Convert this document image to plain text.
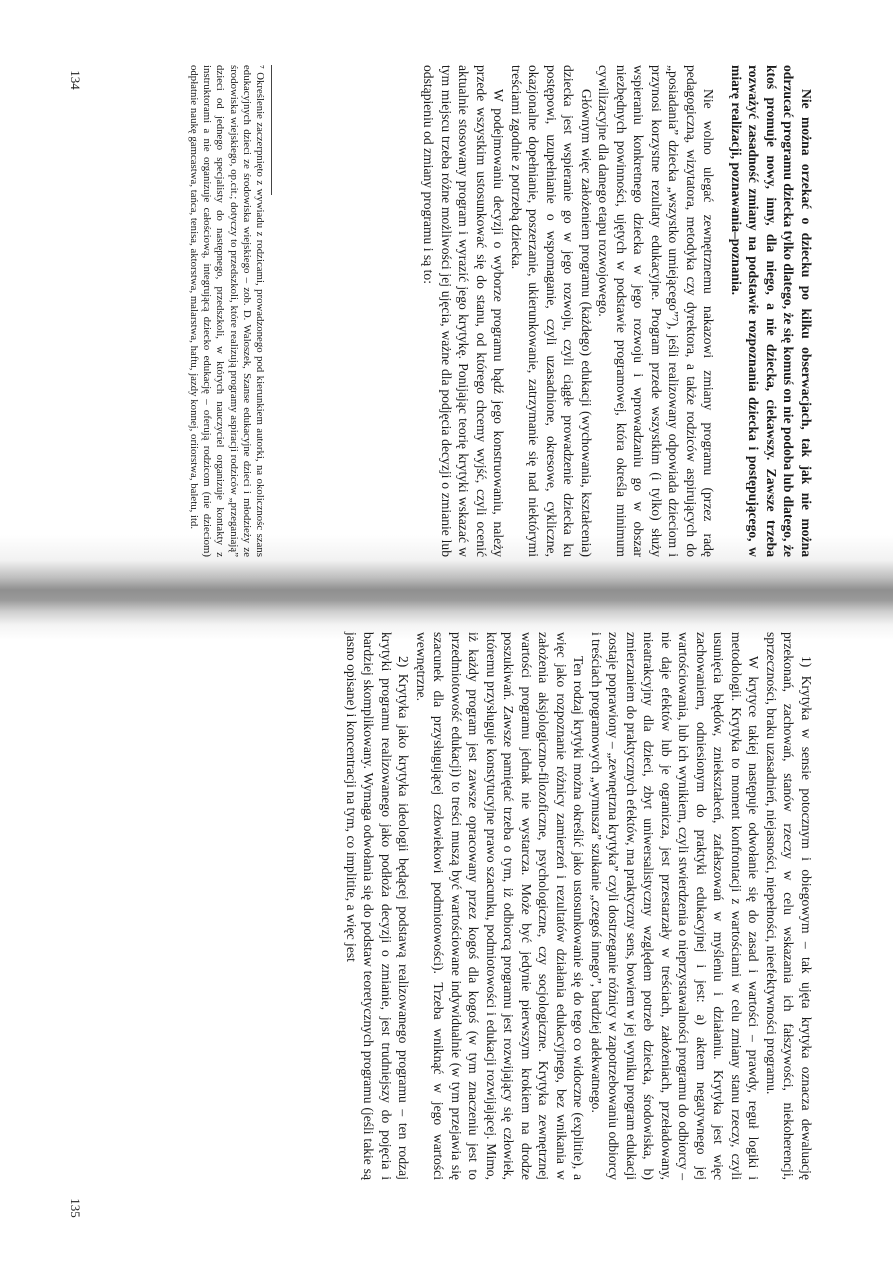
Nie można orzekać o dziecku po kilku obserwacjach, tak jak nie można odrzucać programu dziecka tylko dlatego, że się komuś on nie podoba lub dlatego, że ktoś promuje nowy, inny, dla niego, a nie dziecka, ciekawszy. Zawsze trzeba rozważyć zasadność zmiany na podstawie rozpoznania dziecka i postępującego, w miarę realizacji, poznawania–poznania.

Nie wolno ulegać zewnętrznemu nakazowi zmiany programu (przez radę pedagogiczną, wizytatora, metodyka czy dyrektora, a także rodziców aspirujących do „posiadania” dziecka „wszystko umiejącego”⁷), jeśli realizowany odpowiada dzieciom i przynosi korzystne rezultaty edukacyjne. Program przede wszystkim (i tylko) służy wspieraniu konkretnego dziecka w jego rozwoju i wprowadzaniu go w obszar niezbędnych powinności, ujętych w podstawie programowej, która określa minimum cywilizacyjne dla danego etapu rozwojowego.

Głównym więc założeniem programu (każdego) edukacji (wychowania, kształcenia) dziecka jest wspieranie go w jego rozwoju, czyli ciągłe prowadzenie dziecka ku postępowi, uzupełnianie o wspomaganie, czyli uzasadnione, okresowe, cykliczne, okazjonalne dopełnianie, poszerzanie, ukierunkowanie, zatrzymanie się nad niektórymi treściami zgodnie z potrzebą dziecka.

W podejmowaniu decyzji o wyborze programu bądź jego konstruowaniu, należy przede wszystkim ustosunkować się do stanu, od którego chcemy wyjść, czyli ocenić aktualnie stosowany program i wyrazić jego krytykę. Ponijając teorię krytyki wskazać w tym miejscu trzeba różne możliwości jej ujęcia, ważne dla podjęcia decyzji o zmianie lub odstąpieniu od zmiany programu i są to:

⁷ Określenie zaczerpnięto z wywiadu z rodzicami, prowadzonego pod kierunkiem autorki, na okolicznośc szans edukacyjnych dzieci ze środowiska wiejskiego – zob. D. Waloszek, Szanse edukacyjne dzieci i młodzieży ze środowiska wiejskiego, op.cit.; dotyczy to przedszkoli, które realizują programy aspiracji rodziców „przeganiają” dzieci od jednego specjalisty do następnego, przedszkoli, w których nauczyciel organizuje kontakty z instruktorami a nie organizuje całościową, integrującą dziecko edukację – oferują rodzicom (nie dzieciom) odpłatnie naukę gamcastwa, tańca, tenisa, aktorstwa, malarstwa, haftu, jazdy konnej, oriiorstwa, baletu, itd.

1) Krytyka w sensie potocznym i obiegowym – tak ujęta krytyka oznacza dewaluację przekonań, zachowań, stanów rzeczy w celu wskazania ich fałszywości, niekoherencji, sprzeczności, braku uzasadnień, niejasności, niepełności, nieefektywności programu.

W krytyce takiej następuje odwołanie się do zasad i wartości – prawdy, reguł logiki i metodologii. Krytyka to moment konfrontacji z wartościami w celu zmiany stanu rzeczy, czyli usunięcia błędów, zniekształceń, zafałszowań w myśleniu i działaniu. Krytyka jest więc zachowaniem, odniesionym do praktyki edukacyjnej i jest: a) aktem negatywnego jej wartościowania, lub ich wynikiem, czyli stwierdzenia o nieprzystawalności programu do odbiorcy – nie daje efektów lub je ogranicza, jest przestarzały w treściach, założeniach, przeładowany, nieatrakcyjny dla dzieci, zbyt uniwersalistyczny względem potrzeb dziecka, środowiska, b) zmierzaniem do praktycznych efektów, ma praktyczny sens, bowiem w jej wyniku program edukacji zostaje poprawiony – „zewnętrzna krytyka” czyli dostrzeganie różnicy w zapotrzebowaniu odbiorcy i treściach programowych „wymusza” szukanie „czegoś innego”, bardziej adekwatnego.

Ten rodzaj krytyki można określić jako ustosunkowanie się do tego co widoczne (explitite), a więc jako rozpoznanie różnicy zamierzeń i rezultatów działania edukacyjnego, bez wnikania w założenia aksjologiczno-filozoficzne, psychologiczne, czy socjologiczne. Krytyka zewnętrznej wartości programu jednak nie wystarcza. Może być jedynie pierwszym krokiem na drodze poszukiwań. Zawsze pamiętać trzeba o tym, iż odbiorcą programu jest rozwijający się człowiek, któremu przysługuje konstytucyjne prawo szacunku, podmiotowości i edukacji rozwijającej. Mimo, iż każdy program jest zawsze opracowany przez kogoś dla kogoś (w tym znaczeniu jest to przedmiotowość edukacji) to treści muszą być wartościowane indywidualnie (w tym przejawia się szacunek dla przysługującej człowiekowi podmiotowości). Trzeba wniknąć w jego wartości wewnętrzne.

2) Krytyka jako krytyka ideologii będącej podstawą realizowanego programu – ten rodzaj krytyki programu realizowanego jako podłoża decyzji o zmianie, jest trudniejszy do pojęcia i bardziej skomplikowany. Wymaga odwołania się do podstaw teoretycznych programu (jeśli takie są jasno opisane) i koncentracji na tym, co implitite, a więc jest

134
135
